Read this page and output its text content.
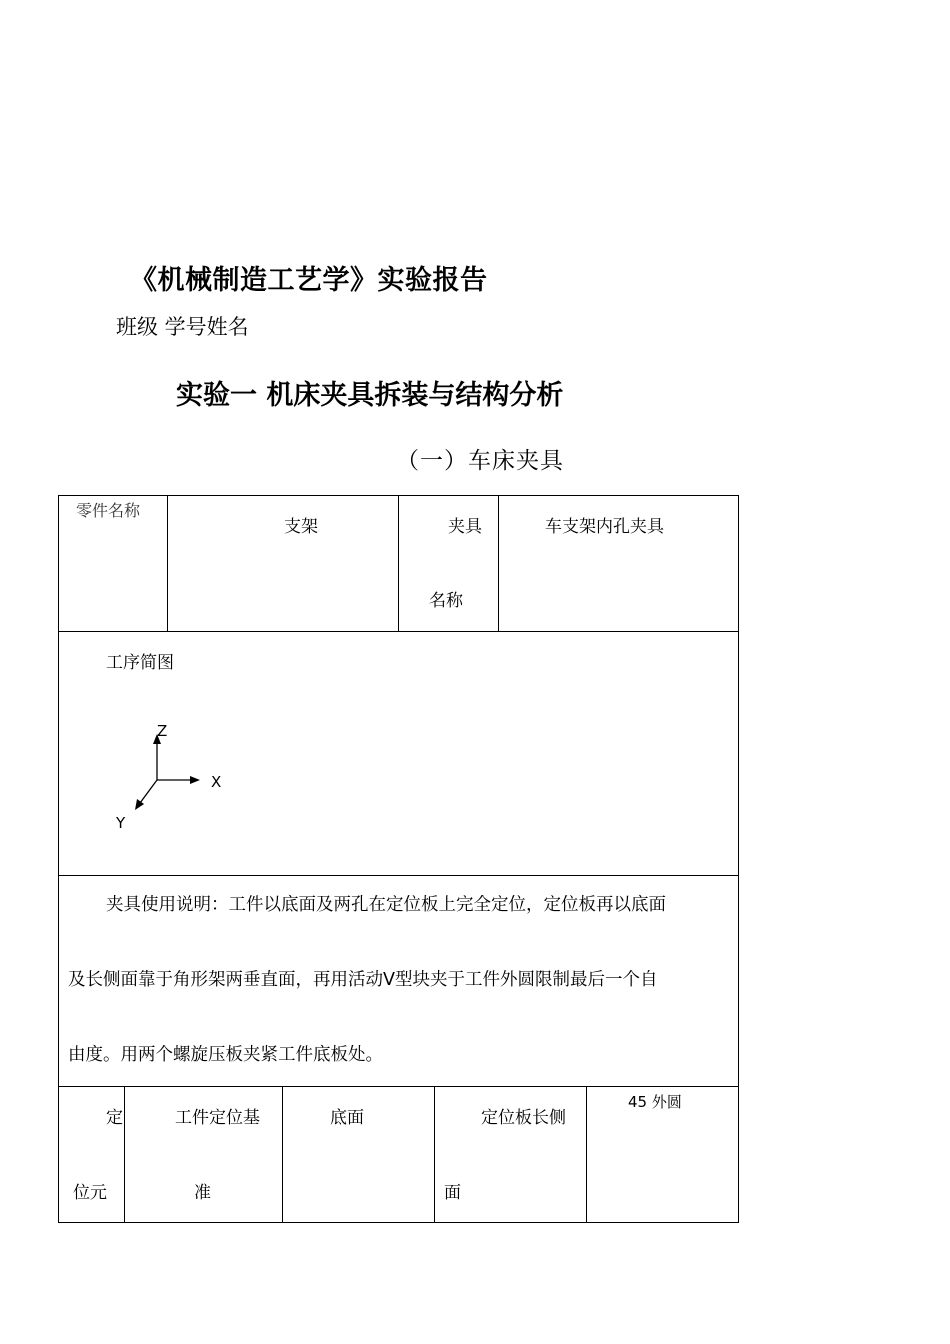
《机械制造工艺学》实验报告
班级 学号姓名
实验一 机床夹具拆装与结构分析
（一）车床夹具
零件名称
支架	夹具
名称
车支架内孔夹具
工序简图
Z
X
Y
夹具使用说明：工件以底面及两孔在定位板上完全定位，定位板再以底面
及长侧面靠于角形架两垂直面，再用活动Ⅴ型块夹于工件外圆限制最后一个自
由度。用两个螺旋压板夹紧工件底板处。
定
位元
工件定位基
准
底面	定位板长侧
面
45 外圆
